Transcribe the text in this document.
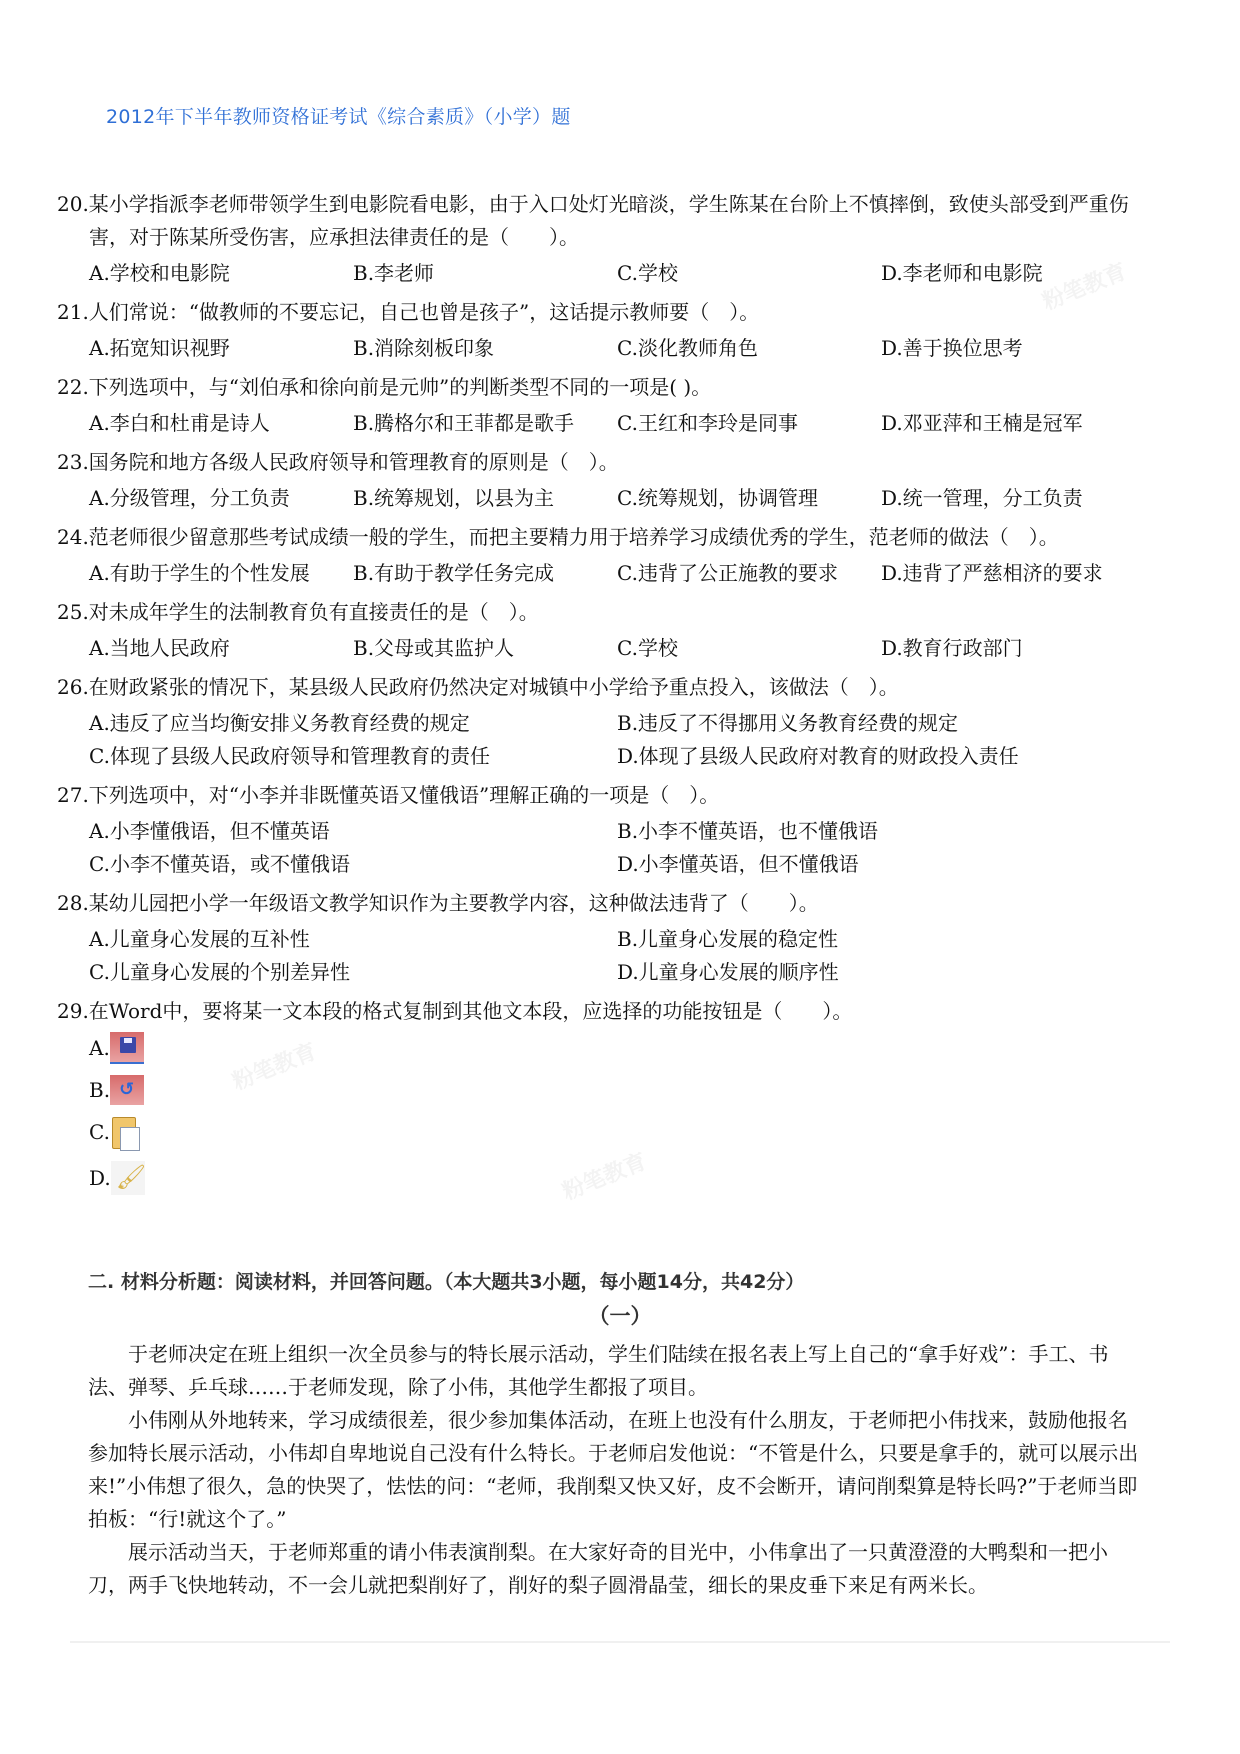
2012年下半年教师资格证考试《综合素质》（小学）题

20.某小学指派李老师带领学生到电影院看电影，由于入口处灯光暗淡，学生陈某在台阶上不慎摔倒，致使头部受到严重伤害，对于陈某所受伤害，应承担法律责任的是（　　）。

A.学校和电影院	B.李老师	C.学校	D.李老师和电影院

21.人们常说：“做教师的不要忘记，自己也曾是孩子”，这话提示教师要（　）。

A.拓宽知识视野	B.消除刻板印象	C.淡化教师角色	D.善于换位思考

22.下列选项中，与“刘伯承和徐向前是元帅”的判断类型不同的一项是( )。

A.李白和杜甫是诗人	B.腾格尔和王菲都是歌手	C.王红和李玲是同事	D.邓亚萍和王楠是冠军

23.国务院和地方各级人民政府领导和管理教育的原则是（　）。

A.分级管理，分工负责	B.统筹规划，以县为主	C.统筹规划，协调管理	D.统一管理，分工负责

24.范老师很少留意那些考试成绩一般的学生，而把主要精力用于培养学习成绩优秀的学生，范老师的做法（　）。

A.有助于学生的个性发展	B.有助于教学任务完成	C.违背了公正施教的要求	D.违背了严慈相济的要求

25.对未成年学生的法制教育负有直接责任的是（　）。

A.当地人民政府	B.父母或其监护人	C.学校	D.教育行政部门

26.在财政紧张的情况下，某县级人民政府仍然决定对城镇中小学给予重点投入，该做法（　）。

A.违反了应当均衡安排义务教育经费的规定	B.违反了不得挪用义务教育经费的规定
C.体现了县级人民政府领导和管理教育的责任	D.体现了县级人民政府对教育的财政投入责任

27.下列选项中，对“小李并非既懂英语又懂俄语”理解正确的一项是（　）。

A.小李懂俄语，但不懂英语	B.小李不懂英语，也不懂俄语
C.小李不懂英语，或不懂俄语	D.小李懂英语，但不懂俄语

28.某幼儿园把小学一年级语文教学知识作为主要教学内容，这种做法违背了（　　）。

A.儿童身心发展的互补性	B.儿童身心发展的稳定性
C.儿童身心发展的个别差异性	D.儿童身心发展的顺序性

29.在Word中，要将某一文本段的格式复制到其他文本段，应选择的功能按钮是（　　）。

A.
B. ↺
C.
D. 🖌
二. 材料分析题：阅读材料，并回答问题。（本大题共3小题，每小题14分，共42分）
（一）

于老师决定在班上组织一次全员参与的特长展示活动，学生们陆续在报名表上写上自己的“拿手好戏”：手工、书法、弹琴、乒乓球……于老师发现，除了小伟，其他学生都报了项目。

小伟刚从外地转来，学习成绩很差，很少参加集体活动，在班上也没有什么朋友，于老师把小伟找来，鼓励他报名参加特长展示活动，小伟却自卑地说自己没有什么特长。于老师启发他说：“不管是什么，只要是拿手的，就可以展示出来!”小伟想了很久，急的快哭了，怯怯的问：“老师，我削梨又快又好，皮不会断开，请问削梨算是特长吗?”于老师当即拍板：“行!就这个了。”

展示活动当天，于老师郑重的请小伟表演削梨。在大家好奇的目光中，小伟拿出了一只黄澄澄的大鸭梨和一把小刀，两手飞快地转动，不一会儿就把梨削好了，削好的梨子圆滑晶莹，细长的果皮垂下来足有两米长。

粉笔教育
粉笔教育
粉笔教育
